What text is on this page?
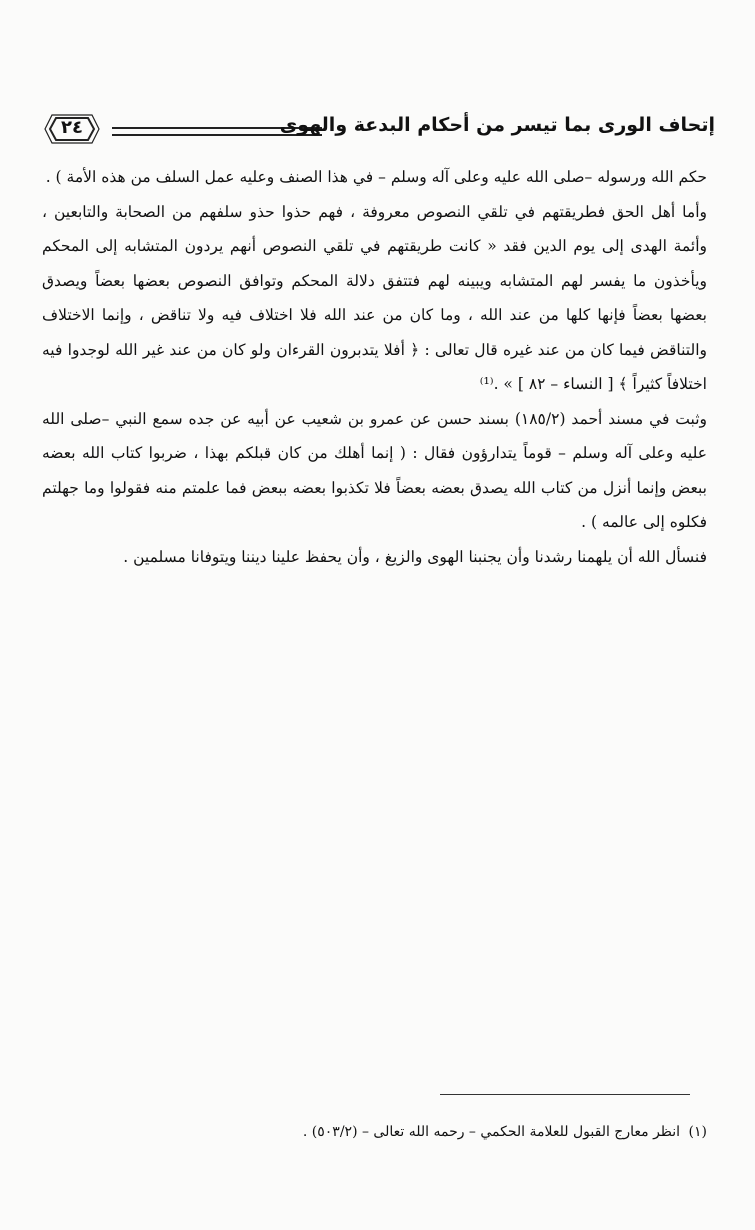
٢٤	إتحاف الورى بما تيسر من أحكام البدعة والهوى

حكم الله ورسوله –صلى الله عليه وعلى آله وسلم – في هذا الصنف وعليه عمل السلف من هذه الأمة ) .

وأما أهل الحق فطريقتهم في تلقي النصوص معروفة ، فهم حذوا حذو سلفهم من الصحابة والتابعين ، وأئمة الهدى إلى يوم الدين فقد « كانت طريقتهم في تلقي النصوص أنهم يردون المتشابه إلى المحكم ويأخذون ما يفسر لهم المتشابه ويبينه لهم فتتفق دلالة المحكم وتوافق النصوص بعضها بعضاً ويصدق بعضها بعضاً فإنها كلها من عند الله ، وما كان من عند الله فلا اختلاف فيه ولا تناقض ، وإنما الاختلاف والتناقض فيما كان من عند غيره قال تعالى : ﴿ أفلا يتدبرون القرءان ولو كان من عند غير الله لوجدوا فيه اختلافاً كثيراً ﴾ [ النساء – ٨٢ ] » .⁽¹⁾

وثبت في مسند أحمد (١٨٥/٢) بسند حسن عن عمرو بن شعيب عن أبيه عن جده سمع النبي –صلى الله عليه وعلى آله وسلم – قوماً يتدارؤون فقال : ( إنما أهلك من كان قبلكم بهذا ، ضربوا كتاب الله بعضه ببعض وإنما أنزل من كتاب الله يصدق بعضه بعضاً فلا تكذبوا بعضه ببعض فما علمتم منه فقولوا وما جهلتم فكلوه إلى عالمه ) .

فنسأل الله أن يلهمنا رشدنا وأن يجنبنا الهوى والزيغ ، وأن يحفظ علينا ديننا ويتوفانا مسلمين .

(١) انظر معارج القبول للعلامة الحكمي – رحمه الله تعالى – (٥٠٣/٢) .
